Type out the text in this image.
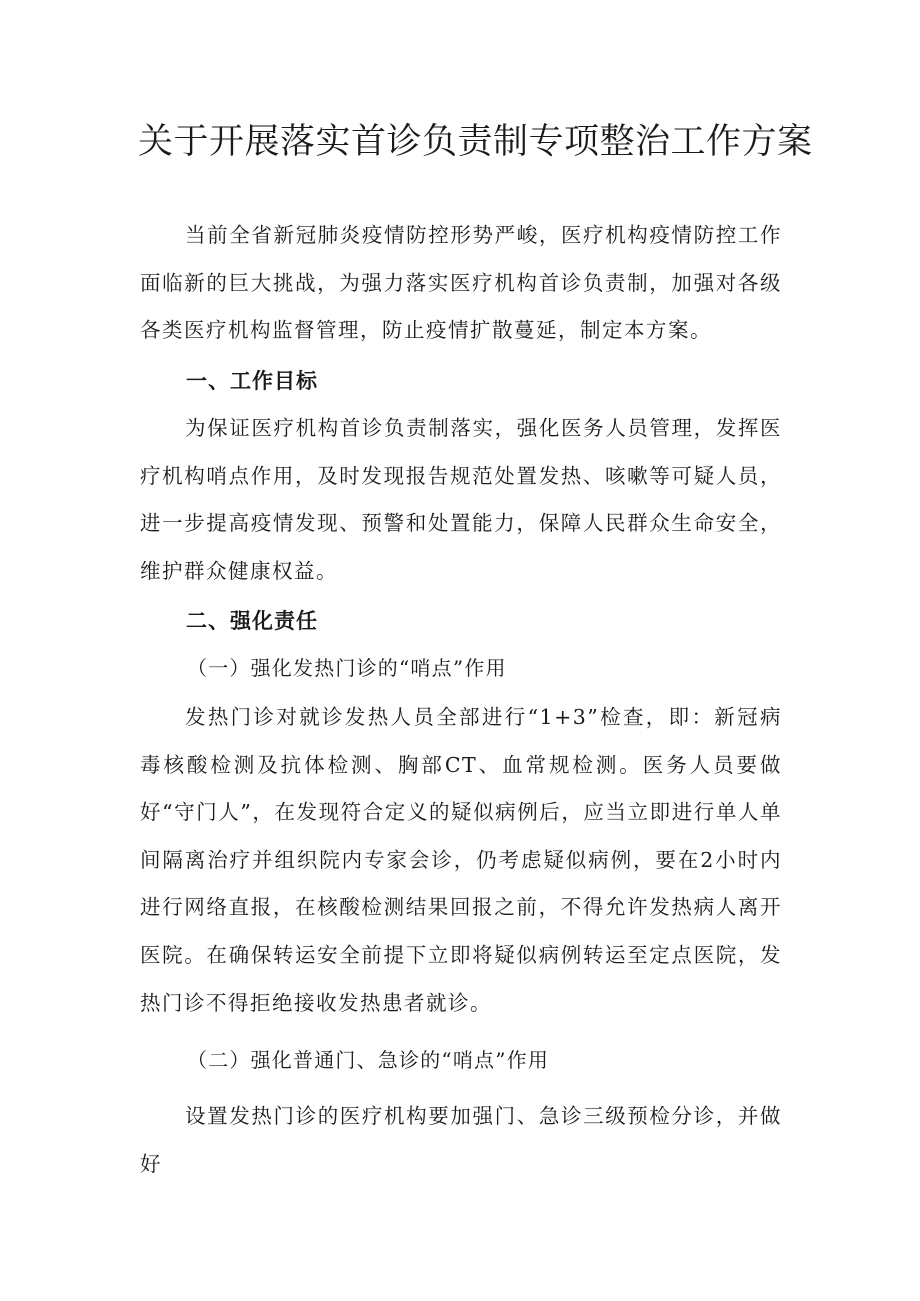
关于开展落实首诊负责制专项整治工作方案

当前全省新冠肺炎疫情防控形势严峻，医疗机构疫情防控工作面临新的巨大挑战，为强力落实医疗机构首诊负责制，加强对各级各类医疗机构监督管理，防止疫情扩散蔓延，制定本方案。

一、工作目标

为保证医疗机构首诊负责制落实，强化医务人员管理，发挥医疗机构哨点作用，及时发现报告规范处置发热、咳嗽等可疑人员，进一步提高疫情发现、预警和处置能力，保障人民群众生命安全，维护群众健康权益。

二、强化责任

（一）强化发热门诊的“哨点”作用

发热门诊对就诊发热人员全部进行“1+3”检查，即：新冠病毒核酸检测及抗体检测、胸部CT、血常规检测。医务人员要做好“守门人”，在发现符合定义的疑似病例后，应当立即进行单人单间隔离治疗并组织院内专家会诊，仍考虑疑似病例，要在2小时内进行网络直报，在核酸检测结果回报之前，不得允许发热病人离开医院。在确保转运安全前提下立即将疑似病例转运至定点医院，发热门诊不得拒绝接收发热患者就诊。

（二）强化普通门、急诊的“哨点”作用

设置发热门诊的医疗机构要加强门、急诊三级预检分诊，并做好
